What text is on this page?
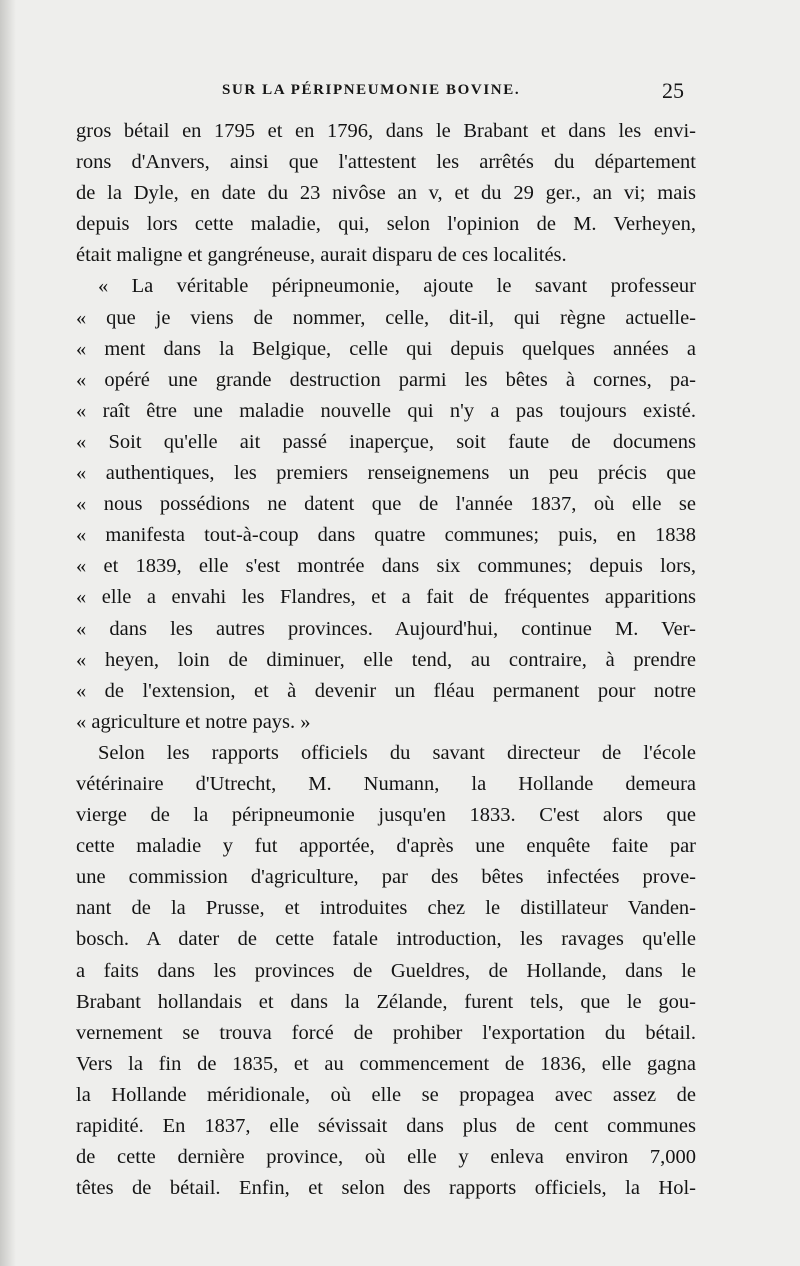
SUR LA PÉRIPNEUMONIE BOVINE.	25
gros bétail en 1795 et en 1796, dans le Brabant et dans les envi-
rons d'Anvers, ainsi que l'attestent les arrêtés du département
de la Dyle, en date du 23 nivôse an v, et du 29 ger., an vi; mais
depuis lors cette maladie, qui, selon l'opinion de M. Verheyen,
était maligne et gangréneuse, aurait disparu de ces localités.
« La véritable péripneumonie, ajoute le savant professeur
« que je viens de nommer, celle, dit-il, qui règne actuelle-
« ment dans la Belgique, celle qui depuis quelques années a
« opéré une grande destruction parmi les bêtes à cornes, pa-
« raît être une maladie nouvelle qui n'y a pas toujours existé.
« Soit qu'elle ait passé inaperçue, soit faute de documens
« authentiques, les premiers renseignemens un peu précis que
« nous possédions ne datent que de l'année 1837, où elle se
« manifesta tout-à-coup dans quatre communes; puis, en 1838
« et 1839, elle s'est montrée dans six communes; depuis lors,
« elle a envahi les Flandres, et a fait de fréquentes apparitions
« dans les autres provinces. Aujourd'hui, continue M. Ver-
« heyen, loin de diminuer, elle tend, au contraire, à prendre
« de l'extension, et à devenir un fléau permanent pour notre
« agriculture et notre pays. »
Selon les rapports officiels du savant directeur de l'école
vétérinaire d'Utrecht, M. Numann, la Hollande demeura
vierge de la péripneumonie jusqu'en 1833. C'est alors que
cette maladie y fut apportée, d'après une enquête faite par
une commission d'agriculture, par des bêtes infectées prove-
nant de la Prusse, et introduites chez le distillateur Vanden-
bosch. A dater de cette fatale introduction, les ravages qu'elle
a faits dans les provinces de Gueldres, de Hollande, dans le
Brabant hollandais et dans la Zélande, furent tels, que le gou-
vernement se trouva forcé de prohiber l'exportation du bétail.
Vers la fin de 1835, et au commencement de 1836, elle gagna
la Hollande méridionale, où elle se propagea avec assez de
rapidité. En 1837, elle sévissait dans plus de cent communes
de cette dernière province, où elle y enleva environ 7,000
têtes de bétail. Enfin, et selon des rapports officiels, la Hol-
